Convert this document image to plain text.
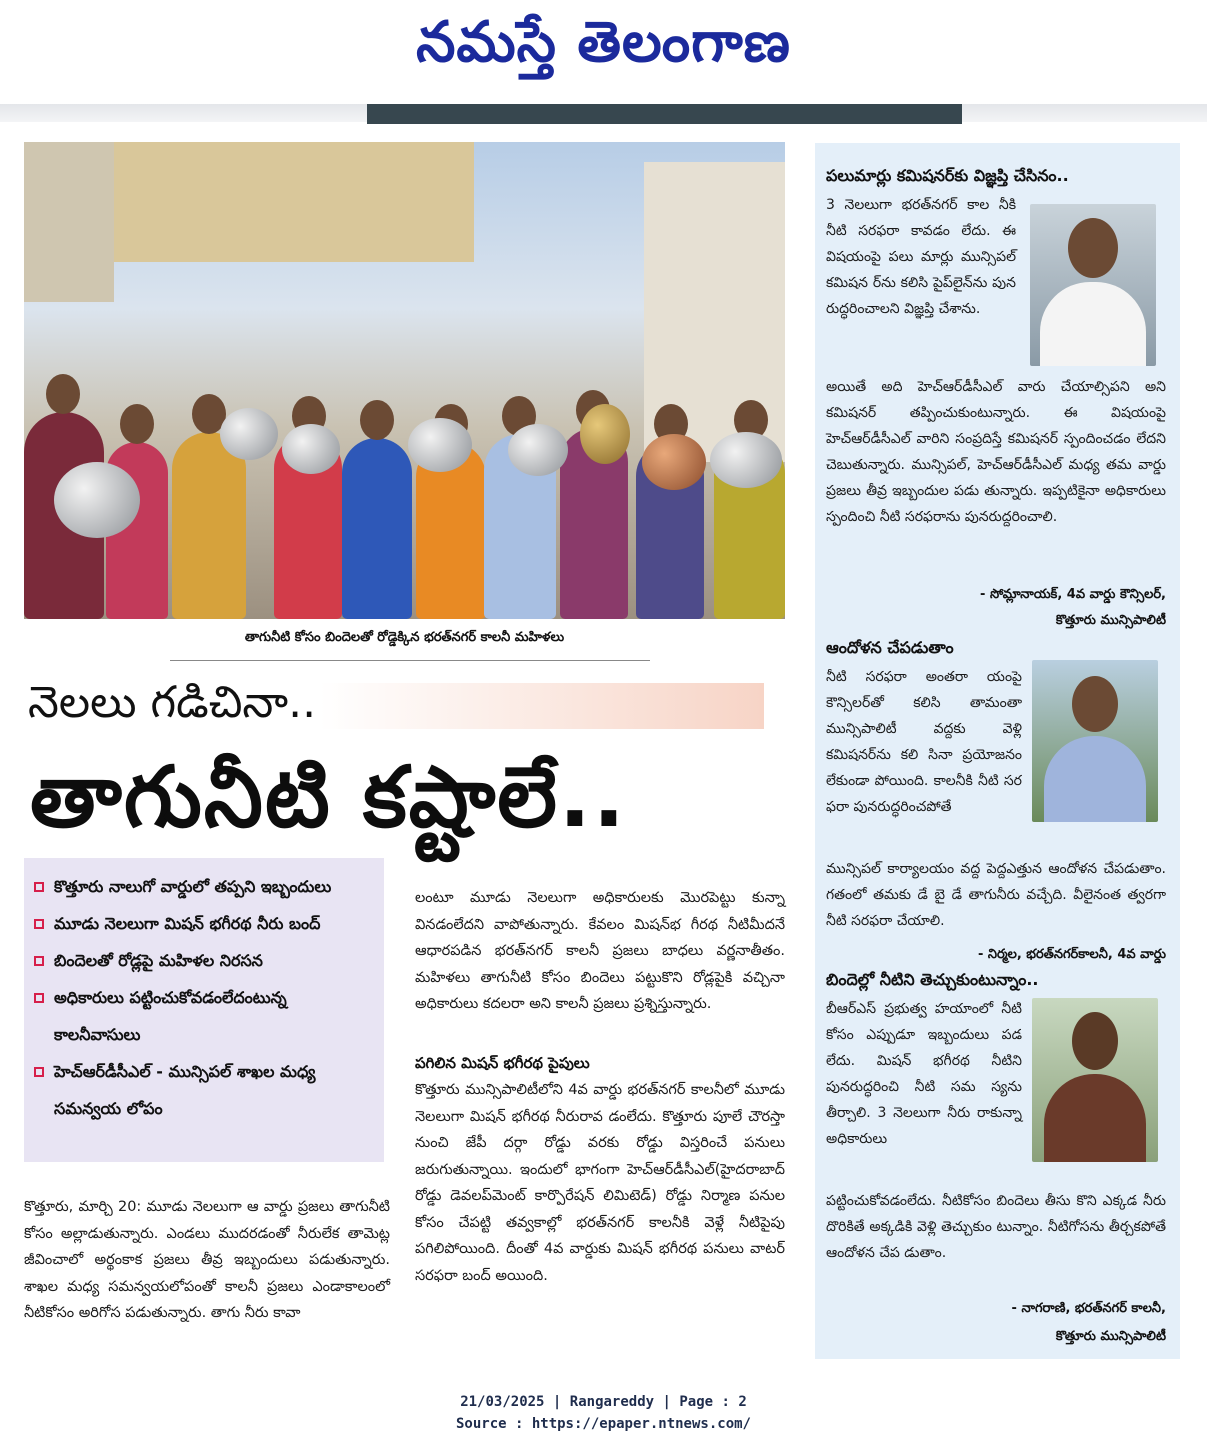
నమస్తే తెలంగాణ
తాగునీటి కోసం బిందెలతో రోడ్డెక్కిన భరత్‌నగర్ కాలనీ మహిళలు
నెలలు గడిచినా..
తాగునీటి కష్టాలే..
కొత్తూరు నాలుగో వార్డులో తప్పని ఇబ్బందులు
మూడు నెలలుగా మిషన్ భగీరథ నీరు బంద్
బిందెలతో రోడ్లపై మహిళల నిరసన
అధికారులు పట్టించుకోవడంలేదంటున్న కాలనీవాసులు
హెచ్‌ఆర్‌డీసీఎల్ - మున్సిపల్ శాఖల మధ్య సమన్వయ లోపం
కొత్తూరు, మార్చి 20: మూడు నెలలుగా ఆ వార్డు ప్రజలు తాగునీటి కోసం అల్లాడుతున్నారు. ఎండలు ముదరడంతో నీరులేక తామెట్ల జీవించాలో అర్థంకాక ప్రజలు తీవ్ర ఇబ్బందులు పడుతున్నారు. శాఖల మధ్య సమన్వయలోపంతో కాలనీ ప్రజలు ఎండాకాలంలో నీటికోసం అరిగోస పడుతున్నారు. తాగు నీరు కావా
లంటూ మూడు నెలలుగా అధికారులకు మొరపెట్టు కున్నా వినడంలేదని వాపోతున్నారు. కేవలం మిషన్‌భ గీరథ నీటిమీదనే ఆధారపడిన భరత్‌నగర్ కాలనీ ప్రజలు బాధలు వర్ణనాతీతం. మహిళలు తాగునీటి కోసం బిందెలు పట్టుకొని రోడ్లపైకి వచ్చినా అధికారులు కదలరా అని కాలనీ ప్రజలు ప్రశ్నిస్తున్నారు.
పగిలిన మిషన్ భగీరథ పైపులు
కొత్తూరు మున్సిపాలిటీలోని 4వ వార్డు భరత్‌నగర్ కాలనీలో మూడు నెలలుగా మిషన్ భగీరథ నీరురావ డంలేదు. కొత్తూరు పూలే చౌరస్తా నుంచి జేపీ దర్గా రోడ్డు వరకు రోడ్డు విస్తరించే పనులు జరుగుతున్నాయి. ఇందులో భాగంగా హెచ్‌ఆర్‌డీసీఎల్(హైదరాబాద్ రోడ్డు డెవలప్‌మెంట్ కార్పొరేషన్ లిమిటెడ్) రోడ్డు నిర్మాణ పనుల కోసం చేపట్టి తవ్వకాల్లో భరత్‌నగర్ కాలనీకి వెళ్లే నీటిపైపు పగిలిపోయింది. దీంతో 4వ వార్డుకు మిషన్ భగీరథ పనులు వాటర్ సరఫరా బంద్ అయింది.
పలుమార్లు కమిషనర్‌కు విజ్ఞప్తి చేసినం..
3 నెలలుగా భరత్‌నగర్ కాల నీకి నీటి సరఫరా కావడం లేదు. ఈ విషయంపై పలు మార్లు మున్సిపల్ కమిషన ర్‌ను కలిసి పైప్‌లైన్‌ను పున రుద్ధరించాలని విజ్ఞప్తి చేశాను.
అయితే అది హెచ్‌ఆర్‌డీసీఎల్ వారు చేయాల్సిపని అని కమిషనర్ తప్పించుకుంటున్నారు. ఈ విషయంపై హెచ్‌ఆర్‌డీసీఎల్ వారిని సంప్రదిస్తే కమిషనర్ స్పందించడం లేదని చెబుతున్నారు. మున్సిపల్, హెచ్‌ఆర్‌డీసీఎల్ మధ్య తమ వార్డు ప్రజలు తీవ్ర ఇబ్బందుల పడు తున్నారు. ఇప్పటికైనా అధికారులు స్పందించి నీటి సరఫరాను పునరుద్దరించాలి.
- సోమ్లానాయక్, 4వ వార్డు కౌన్సిలర్,
కొత్తూరు మున్సిపాలిటీ
ఆందోళన చేపడుతాం
నీటి సరఫరా అంతరా యంపై కౌన్సిలర్‌తో కలిసి తామంతా మున్సిపాలిటీ వద్దకు వెళ్లి కమిషనర్‌ను కలి సినా ప్రయోజనం లేకుండా పోయింది. కాలనీకి నీటి సర ఫరా పునరుద్ధరించపోతే
మున్సిపల్ కార్యాలయం వద్ద పెద్దఎత్తున ఆందోళన చేపడుతాం. గతంలో తమకు డే బై డే తాగునీరు వచ్చేది. వీలైనంత త్వరగా నీటి సరఫరా చేయాలి.
- నిర్మల, భరత్‌నగర్‌కాలనీ, 4వ వార్డు
బిందెల్లో నీటిని తెచ్చుకుంటున్నాం..
బీఆర్‌ఎస్ ప్రభుత్వ హయాంలో నీటి కోసం ఎప్పుడూ ఇబ్బందులు పడ లేదు. మిషన్ భగీరథ నీటిని పునరుద్ధరించి నీటి సమ స్యను తీర్చాలి. 3 నెలలుగా నీరు రాకున్నా అధికారులు
పట్టించుకోవడంలేదు. నీటికోసం బిందెలు తీసు కొని ఎక్కడ నీరు దొరికితే అక్కడికి వెళ్లి తెచ్చుకుం టున్నాం. నీటిగోసను తీర్చకపోతే ఆందోళన చేప డుతాం.
- నాగరాణి, భరత్‌నగర్ కాలనీ,
కొత్తూరు మున్సిపాలిటీ
21/03/2025 | Rangareddy | Page : 2
Source : https://epaper.ntnews.com/
